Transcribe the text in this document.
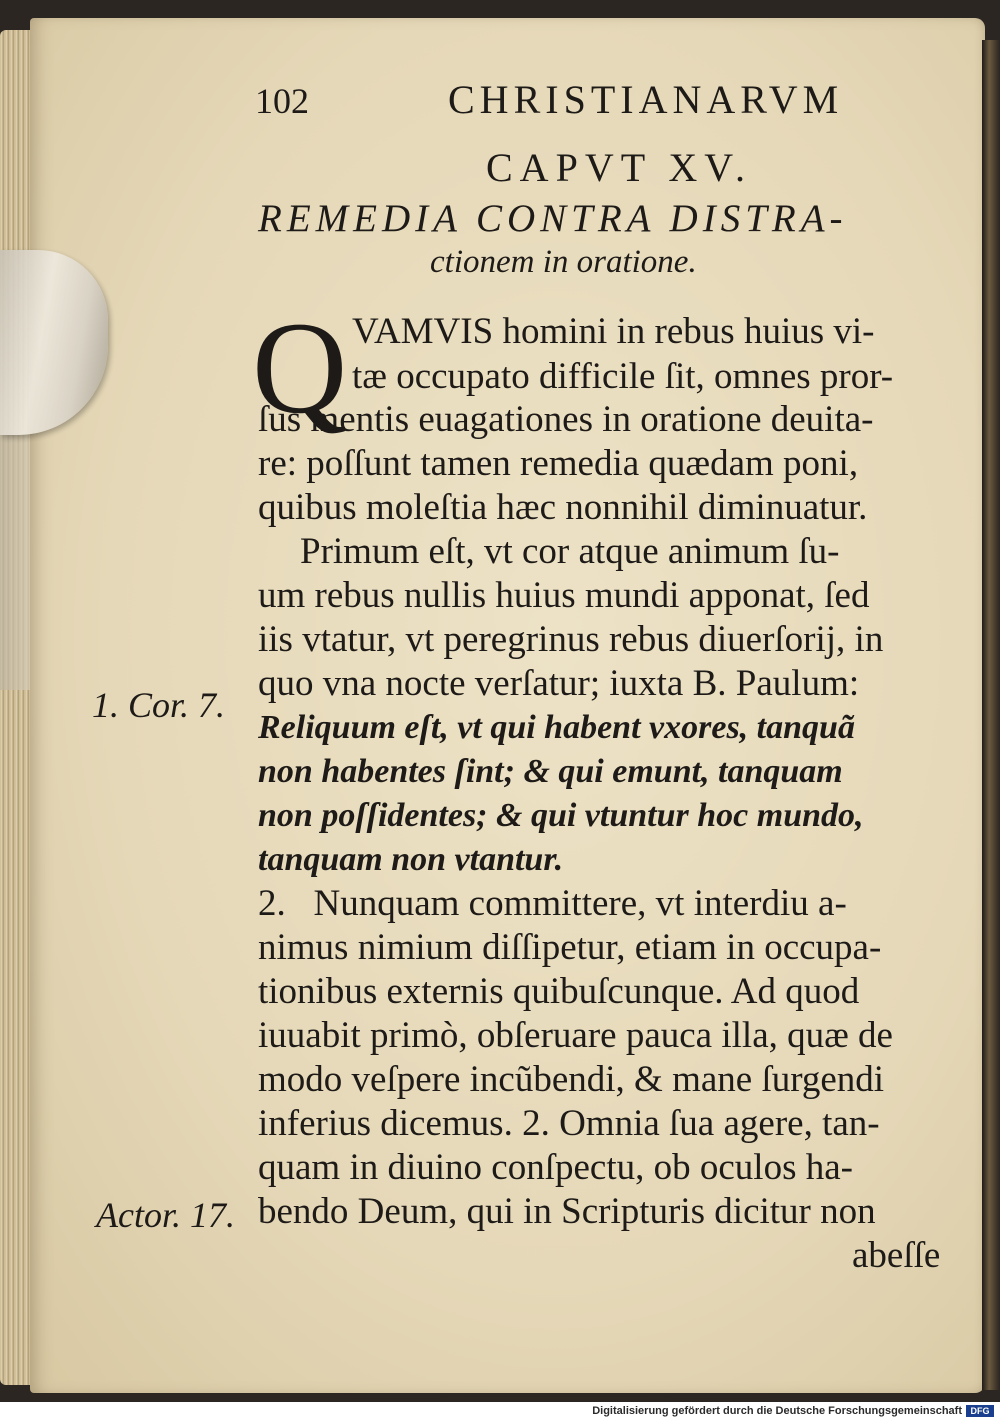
102	CHRISTIANARVM
CAPVT XV.
REMEDIA CONTRA DISTRA-
ctionem in oratione.
Q VAMVIS homini in rebus huius vi-
tæ occupato difficile ſit, omnes pror-
ſus mentis euagationes in oratione deuita-
re: poſſunt tamen remedia quædam poni,
quibus moleſtia hæc nonnihil diminuatur.
Primum eſt, vt cor atque animum ſu-
um rebus nullis huius mundi apponat, ſed
iis vtatur, vt peregrinus rebus diuerſorij, in
quo vna nocte verſatur; iuxta B. Paulum:
Reliquum eſt, vt qui habent vxores, tanquã
non habentes ſint; & qui emunt, tanquam
non poſſidentes; & qui vtuntur hoc mundo,
tanquam non vtantur.
2.   Nunquam committere, vt interdiu a-
nimus nimium diſſipetur, etiam in occupa-
tionibus externis quibuſcunque. Ad quod
iuuabit primò, obſeruare pauca illa, quæ de
modo veſpere incũbendi, & mane ſurgendi
inferius dicemus. 2. Omnia ſua agere, tan-
quam in diuino conſpectu, ob oculos ha-
bendo Deum, qui in Scripturis dicitur non
abeſſe
1. Cor. 7.
Actor. 17.
Digitalisierung gefördert durch die Deutsche Forschungsgemeinschaft DFG
